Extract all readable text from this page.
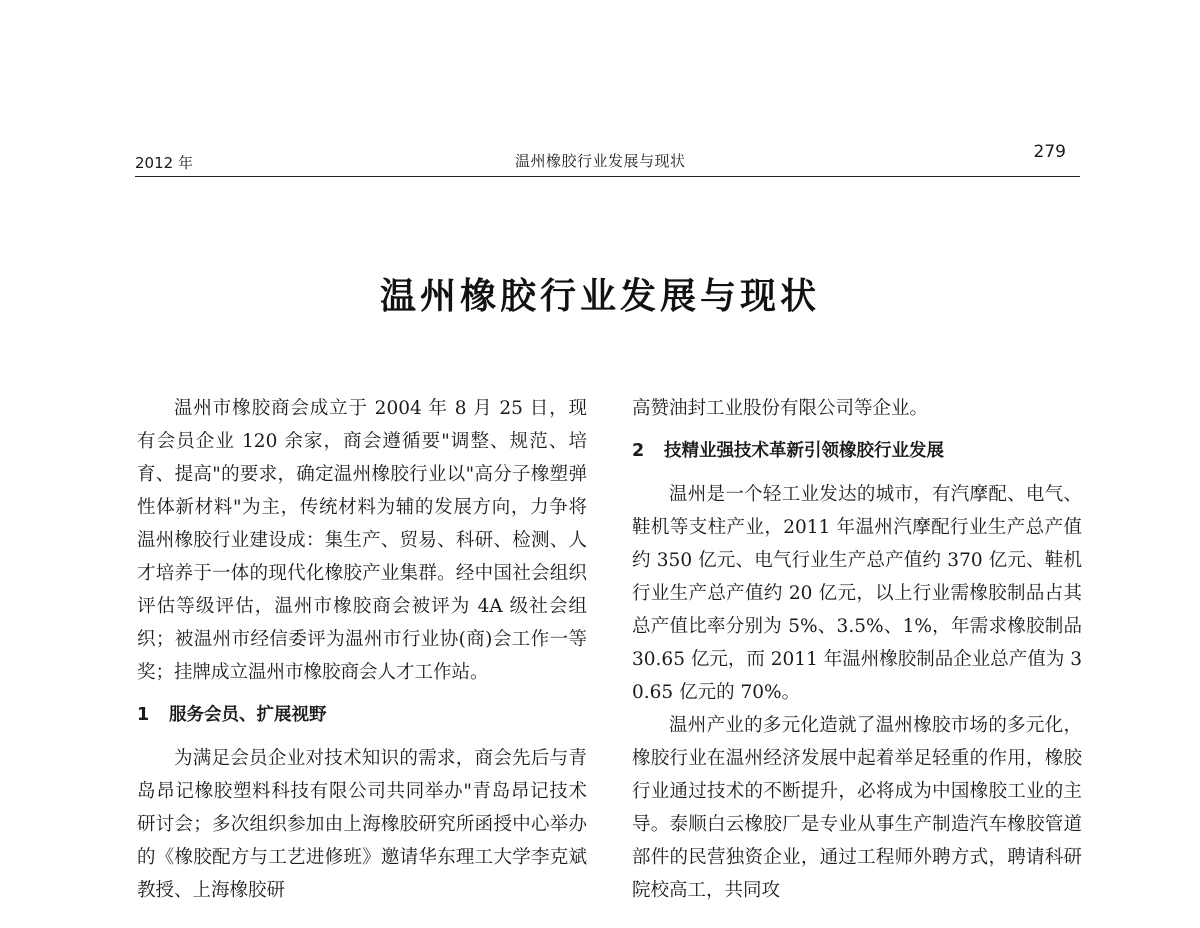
2012 年	温州橡胶行业发展与现状	279
温州橡胶行业发展与现状

温州市橡胶商会成立于 2004 年 8 月 25 日，现有会员企业 120 余家，商会遵循要"调整、规范、培育、提高"的要求，确定温州橡胶行业以"高分子橡塑弹性体新材料"为主，传统材料为辅的发展方向，力争将温州橡胶行业建设成：集生产、贸易、科研、检测、人才培养于一体的现代化橡胶产业集群。经中国社会组织评估等级评估，温州市橡胶商会被评为 4A 级社会组织；被温州市经信委评为温州市行业协(商)会工作一等奖；挂牌成立温州市橡胶商会人才工作站。

1 服务会员、扩展视野

为满足会员企业对技术知识的需求，商会先后与青岛昂记橡胶塑料科技有限公司共同举办"青岛昂记技术研讨会；多次组织参加由上海橡胶研究所函授中心举办的《橡胶配方与工艺进修班》邀请华东理工大学李克斌教授、上海橡胶研

高赞油封工业股份有限公司等企业。

2 技精业强技术革新引领橡胶行业发展

温州是一个轻工业发达的城市，有汽摩配、电气、鞋机等支柱产业，2011 年温州汽摩配行业生产总产值约 350 亿元、电气行业生产总产值约 370 亿元、鞋机行业生产总产值约 20 亿元，以上行业需橡胶制品占其总产值比率分别为 5%、3.5%、1%，年需求橡胶制品 30.65 亿元，而 2011 年温州橡胶制品企业总产值为 30.65 亿元的 70%。

温州产业的多元化造就了温州橡胶市场的多元化，橡胶行业在温州经济发展中起着举足轻重的作用，橡胶行业通过技术的不断提升，必将成为中国橡胶工业的主导。泰顺白云橡胶厂是专业从事生产制造汽车橡胶管道部件的民营独资企业，通过工程师外聘方式，聘请科研院校高工，共同攻
